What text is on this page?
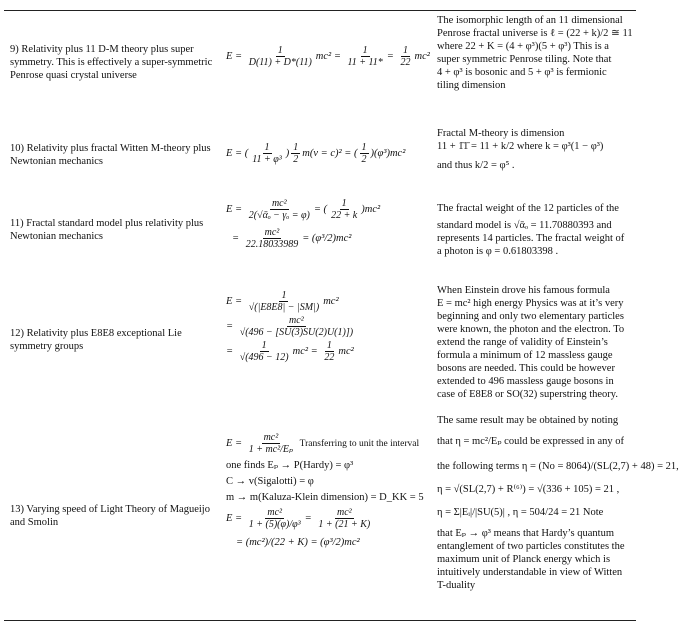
9) Relativity plus 11 D-M theory plus super symmetry. This is effectively a super-symmetric Penrose quasi crystal universe
$E = \frac{1}{D(11) + D*(11)} mc^2 = \frac{1}{11 + 11*} = \frac{1}{22} mc^2$
The isomorphic length of an 11 dimensional
Penrose fractal universe is ℓ = (22 + k)/2 ≅ 11
where 22 + K = (4 + φ³)(5 + φ³) This is a
super symmetric Penrose tiling. Note that
4 + φ³ is bosonic and 5 + φ³ is fermionic
tiling dimension
10) Relativity plus fractal Witten M-theory plus Newtonian mechanics
E = ( $\frac{1}{\text{11 + φ³}}$ ) $\frac{1}{2} m(v = c)^2$ = ( $\frac{1}{2} )(\varphi^3)mc^2$
Fractal M-theory is dimension
11 + 1̄1̄ = 11 + k/2 where k = φ³(1 − φ³)
and thus k/2 = φ⁵ .
11) Fractal standard model plus relativity plus Newtonian mechanics
$E = \frac{\text{mc²}}{\text{2(√ᾱₒ − γₒ = φ)}}$ = ( $\frac{1}{22 + k} )mc^2$
= $\frac{\text{mc²}}{22.18033989} = (\varphi^3/2)mc^2$
The fractal weight of the 12 particles of the
standard model is √ᾱₒ = 11.70880393 and
represents 14 particles. The fractal weight of
a photon is φ = 0.61803398 .
12) Relativity plus E8E8 exceptional Lie symmetry groups
$E = \frac{1}{√(|E8E8| - |SM|)} mc^2$
= $\frac{\text{mc²}}{√(496 - [SU(3)SU(2)U(1)])}$
= $\frac{1}{√(496 - 12)} mc^2 = \frac{1}{22} mc^2$
When Einstein drove his famous formula
E = mc² high energy Physics was at it’s very
beginning and only two elementary particles
were known, the photon and the electron. To
extend the range of validity of Einstein’s
formula a minimum of 12 massless gauge
bosons are needed. This could be however
extended to 496 massless gauge bosons in
case of E8E8 or SO(32) superstring theory.
13) Varying speed of Light Theory of Magueijo and Smolin
$E = \frac{\text{mc²}}{\text{1 + mc²/Eₚ}}$ Transferring to unit the interval
one finds Eₚ → P(Hardy) = φ³
C → v(Sigalotti) = φ
m → m(Kaluza-Klein dimension) = D_KK = 5
$E = \frac{\text{mc²}}{\text{1 + (5)(φ)/φ³}} = \frac{\text{mc²}}{1 + (21 + K)}$
= (mc²)/(22 + K) = (φ³/2)mc²
The same result may be obtained by noting
that η = mc²/Eₚ could be expressed in any of
the following terms η = (No = 8064)/(SL(2,7) + 48) = 21,
η = √(SL(2,7) + R⁽⁶⁾) = √(336 + 105) = 21 ,
η = Σ|Eᵢ|/|SU(5)| , η = 504/24 = 21 Note
that Eₚ → φ³ means that Hardy’s quantum
entanglement of two particles constitutes the
maximum unit of Planck energy which is
intuitively understandable in view of Witten
T-duality
